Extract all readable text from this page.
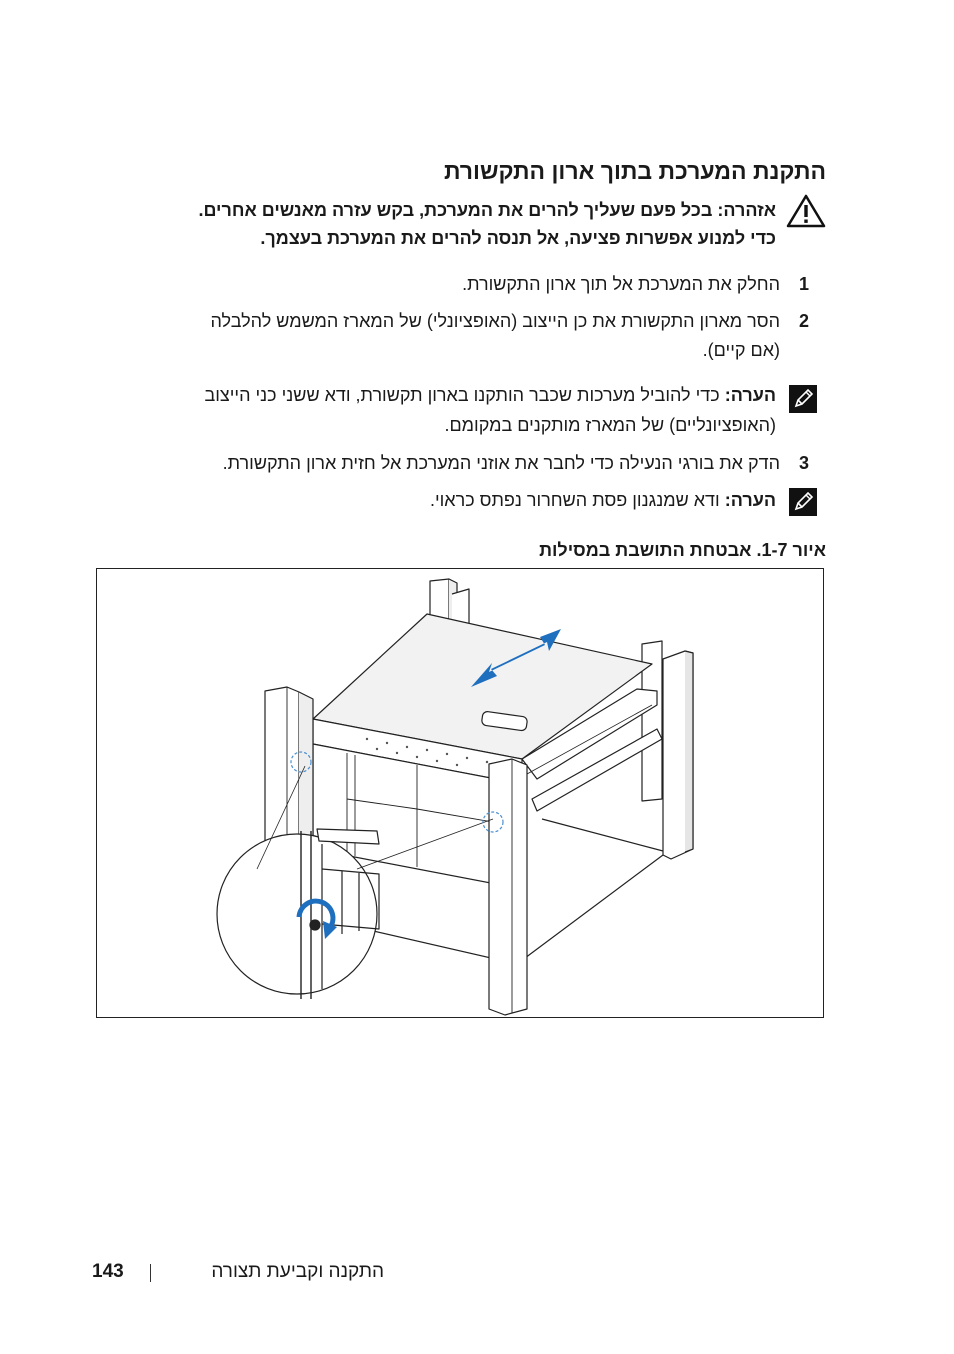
התקנת המערכת בתוך ארון התקשורת
אזהרה: בכל פעם שעליך להרים את המערכת, בקש עזרה מאנשים אחרים.
כדי למנוע אפשרות פציעה, אל תנסה להרים את המערכת בעצמך.
1
החלק את המערכת אל תוך ארון התקשורת.
2
הסר מארון התקשורת את כן הייצוב (האופציונלי) של המארז המשמש להלבלה
(אם קיים).
הערה: כדי להוביל מערכות שכבר הותקנו בארון תקשורת, ודא ששני כני הייצוב
(האופציונליים) של המארז מותקנים במקומם.
3
הדק את בורגי הנעילה כדי לחבר את אוזני המערכת אל חזית ארון התקשורת.
הערה: ודא שמנגנון פסת השחרור נפתס כראוי.
איור 1-7. אבטחת התושבת במסילות
התקנה וקביעת תצורה
143
